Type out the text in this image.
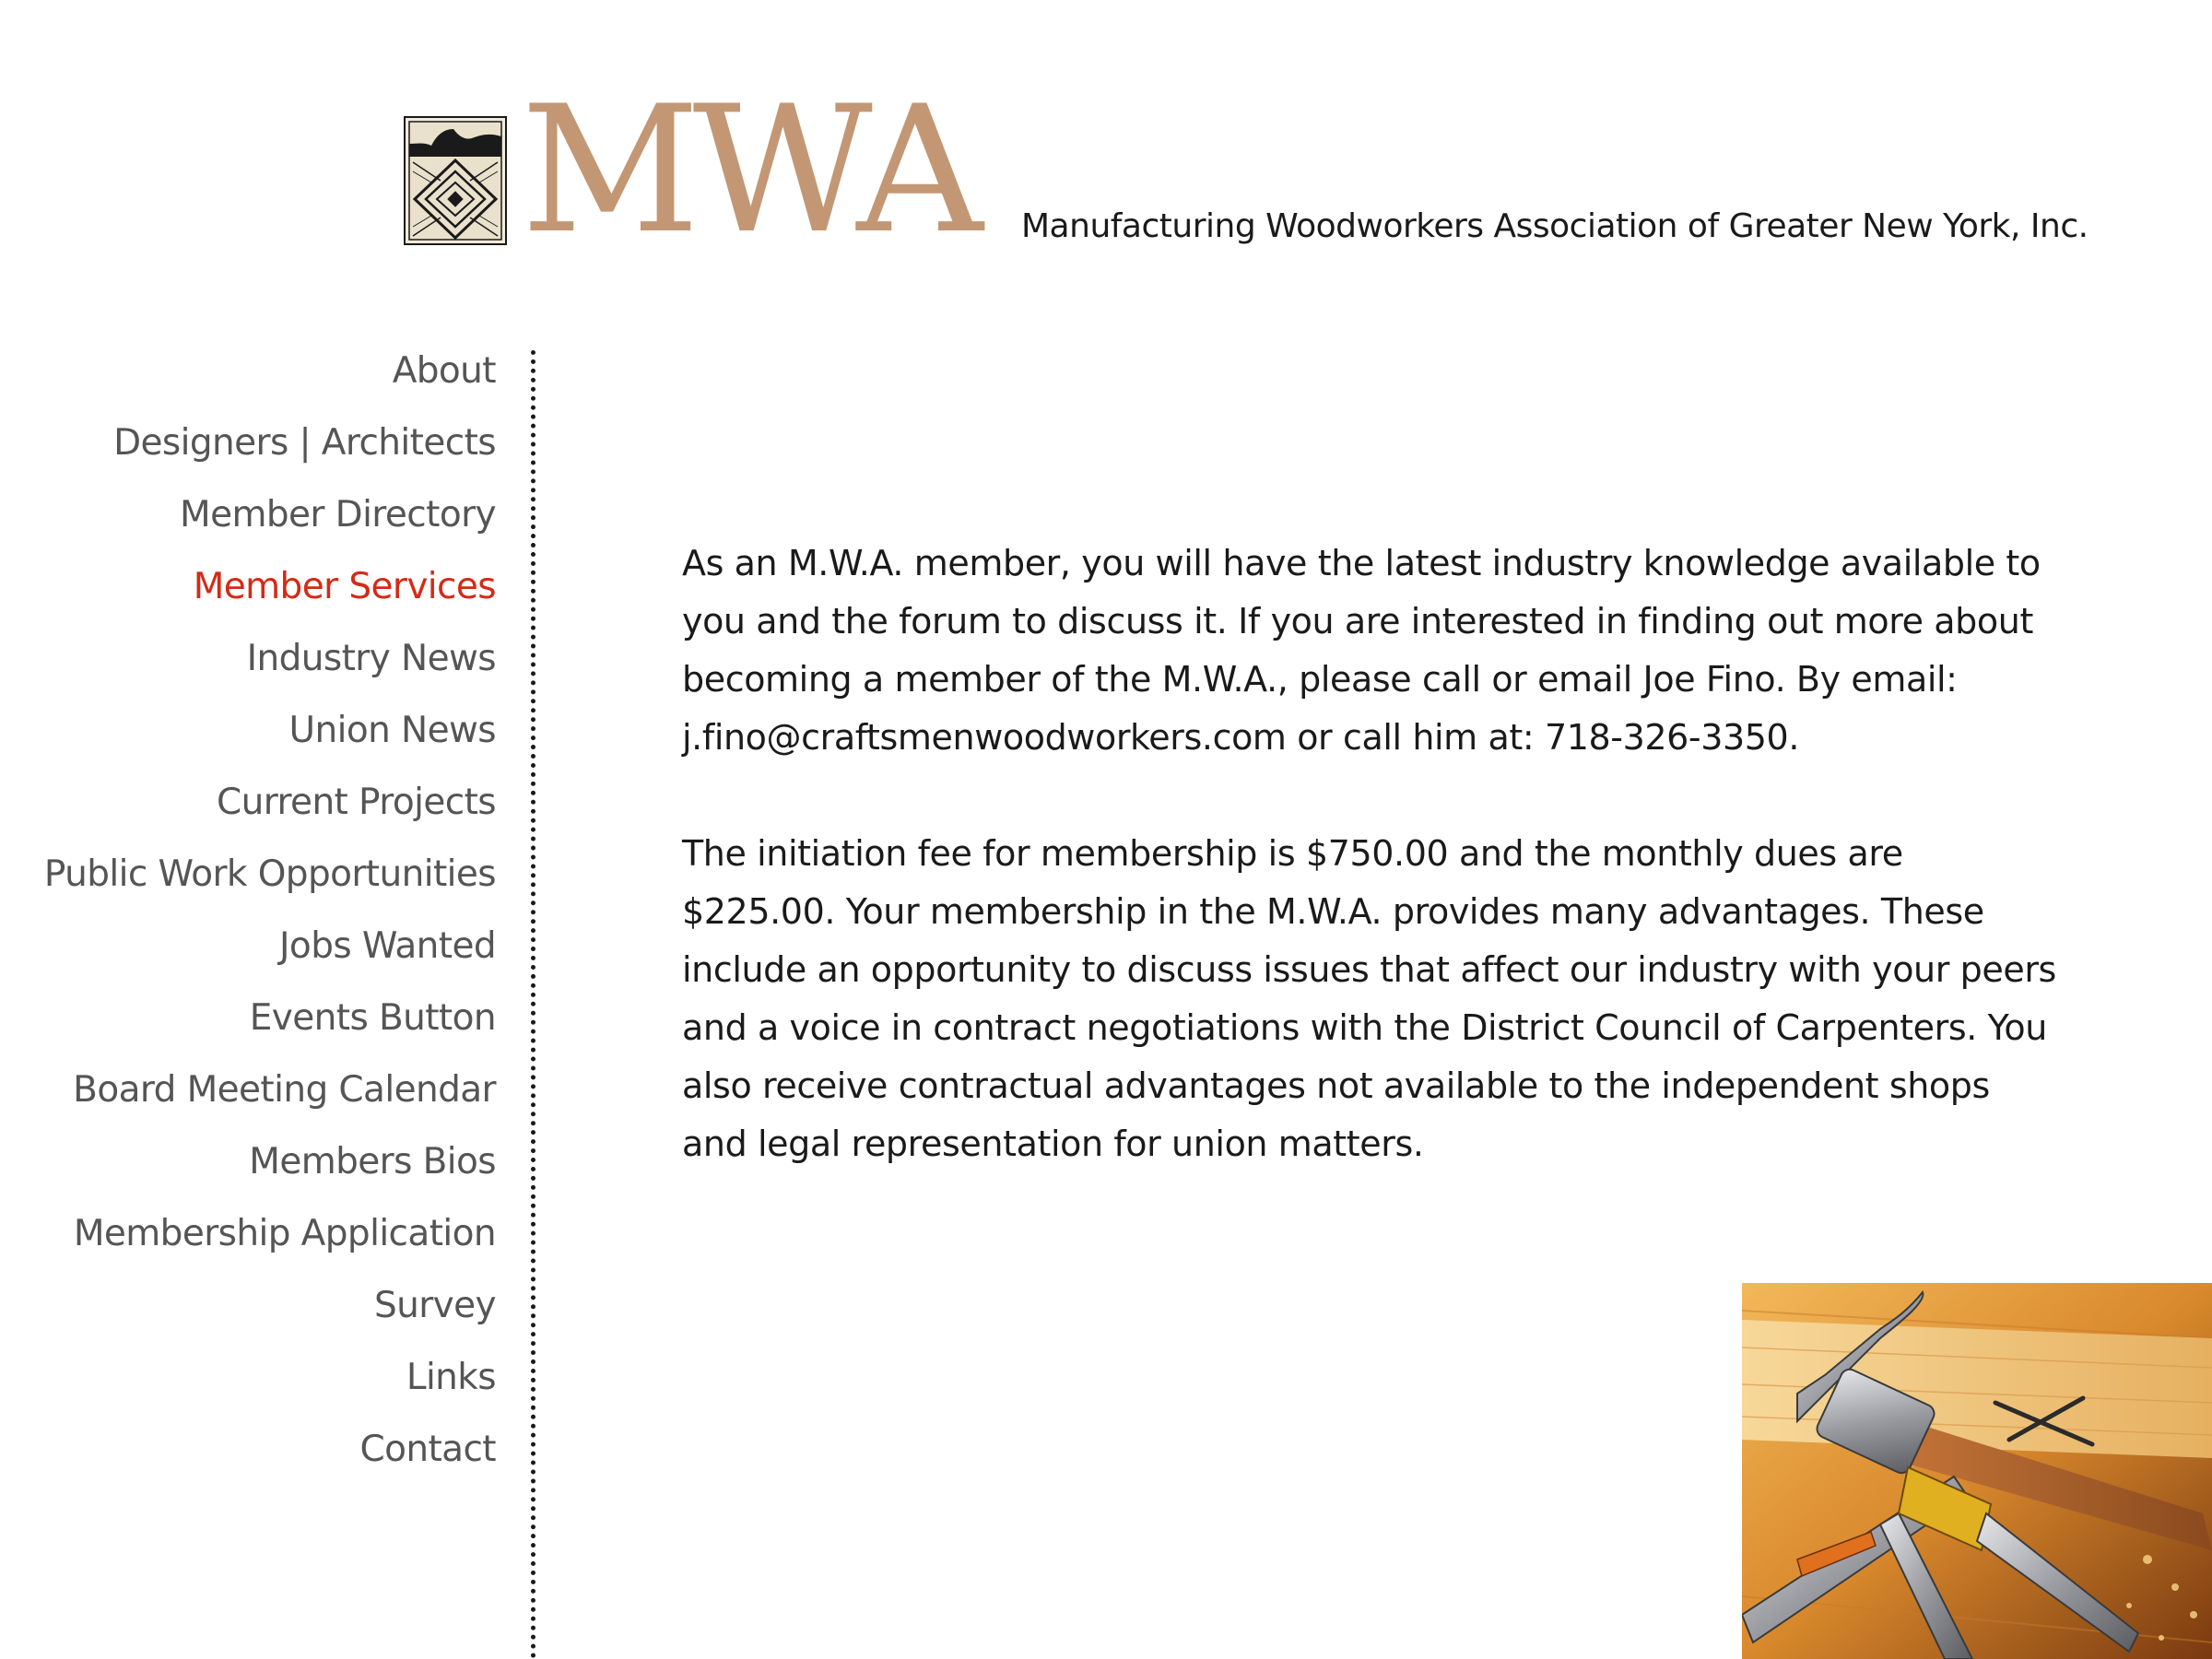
MWA Manufacturing Woodworkers Association of Greater New York, Inc.
About
Designers | Architects
Member Directory
Member Services
Industry News
Union News
Current Projects
Public Work Opportunities
Jobs Wanted
Events Button
Board Meeting Calendar
Members Bios
Membership Application
Survey
Links
Contact

As an M.W.A. member, you will have the latest industry knowledge available to you and the forum to discuss it. If you are interested in finding out more about becoming a member of the M.W.A., please call or email Joe Fino. By email: j.fino@craftsmenwoodworkers.com or call him at: 718-326-3350.

The initiation fee for membership is $750.00 and the monthly dues are $225.00. Your membership in the M.W.A. provides many advantages. These include an opportunity to discuss issues that affect our industry with your peers and a voice in contract negotiations with the District Council of Carpenters. You also receive contractual advantages not available to the independent shops and legal representation for union matters.
